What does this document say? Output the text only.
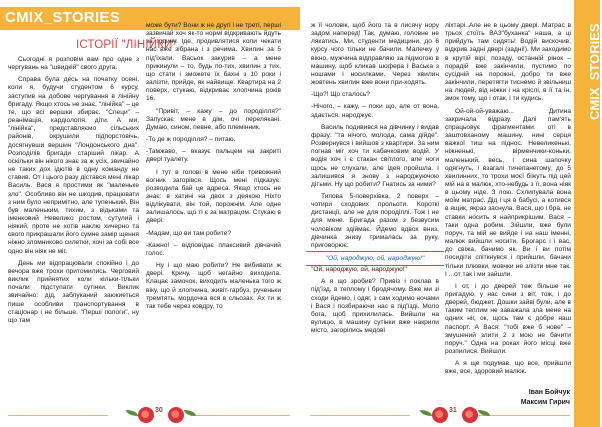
CMIX_STORIES
CMIX_STORIES
ІСТОРІЇ "ЛІНІЙКИ"

Сьогодні я розповім вам про одне з чергувань на "швидкій" свого друга.

Справа була десь на початку осені, коли я, будучи студентом 6 курсу, заступив на добове чергування в лінійну бригаду. Якщо хтось не знає, "лінійка" – це те, що всі вершки збирає. "Специ" – реанімація, кардіологія, діти. А ми, "лінійка", представляємо сільських районів, окрушили підпорстовічь, досягнувши вершин "Лондонського дна". Розподілів бригади старший лікар. А оскільки він нікого знає за ж усіх, звичайно не таких дох ідютів в одну команду не ставив. От і цього разу дістався мені лікар Василь. Вася я простими як "маленьке зло". Особливо він не шкодив, працювати з ним було непримітно, але тупенький. Він був маленьким, тихим, з відьками та іменковий Невелико ростом, сутулий і ніякий, проте не хотів наклю хичерно та свого прикрашали його сумне замір щення ніжно зломниково силетки, хочі за собі все одно він ніяк не міг.

День ми відпрацювали спокійно і до вечора вже трохи притомились. Черговий виклик прийнятих коли кільки-тільки почали підступати сутінки. Виклик звичайно: дід, заблуканий заюкиеться пише особливи транспортування в стаціонар і не більше. "Перші пологи", ну що там

може бути? Вони ж не другі і не треті, перші зазвичай хоч як-то нормі відкривають йдуть за годину. Іде, продивлятися коли чекати нас вже зібрана і з речима. Хвилин за 5 під'їхали. Васьок закурив – а мене прикинули – то, будь по-тих, хвилин з тих, що стати і зможете їх бахні з 10 роки і залізти, прийде, як найвище. Квартира на 2 поверх, стукаю, відкриває хлопчина років 16.

"Привіт, – кажу – до породілля?" Запускає мене в дім, очі перелякані. Думаю, сином, певне, або племінник.

-То де ж породілля? – питаю.

-Тамжаво, – вказує пальцем на закриті двері туалету.

І тут в голові в мене ніби тривожний вогник загорівся. Щось мені підказує: розводила бай це адреса. Якщо хтось не знає: в хатині на двох з деякою Ніхто відлікувати, він той, порожнім. Але одне залишалось, що ті є за матрацом. Стукаю в двері:

-Мадам, що ви там робите?

-Кажно! – відповідає плаксивий дівчачий голос.

Ну і що маю робити? Не вибивати ж двері. Кричу, щоб негайно виходила. Клацає замочок, виходить маленька того ж віку, що й хлопчина, живіт-гарбуз, рученьки тремтять, мордочка вся в сльозах. Ах ти ж так тебе через ковдру, то

ж її чоловік, щоб його та в лисячу нору задом наперед! Так, думаю, головне не лякатись. Ми, студенти медицини, до 6 курсу чого тільки не бачили. Малечку у вікно, мужчина відправляю за підмогою в машину, щоб кликав шофера і Васька з ношами і носилками. Через хвилин жовтень хвилин вже вони при-ходять.

-Що?! Що сталось?

-Нічого, – кажу, – поки що, але от вона, здається, народжує.

Василь подивився на дівчинку і видав фразу: "та нічого, молода, сама дійде". Розвернувся і вийшов з квартири. За ним погнав міг хоч ти кабачковим водій. У водія хоч і є стакан світлого, але ноги щось не слухали, але ідея пройшла. І залишився я знову з народжуючою дітьми. Ну що робити? Гнатись за ними?

Типова 5-поверхівка, 2 поверх – чотири сходових прольоти. Короткі дистанції, але не для породіллі. Тож і не для мене. Бригада разом з безвусим чоловіком здіймає. Йдемо вдвох вниз, дівчинка знизу трималась за руку, приговорює:

"Ой, народжую, ой, народжую!"

А я що зробив? Привіз і поклав в під'їзд, в теплому і бродячому. Вже ми зі сходи йдемо, і одяг, з сам ходимо ночами і Вася і позбираючи нас в під'їзді. Моло бога, щоб прихилилась. Вийшли на вулицю, в машину сутінки вже накрили місто, загорілись медові

"Ой, народжую, ой, народжую!"

ліхтарі..Але не в цьому двері. Матрас в трьох стоїть ВАЗ"буханка" наша, а ці прийдуть там сидять! Водій вискочив, відкрив задні двері (задні!). Ми заходимо в крутій вірі, позаду, останній рінок – порадій вже закінчили, пустимо по сусідній на порожні, добро ти вже закінчили, перетягти тиснемо й звільниш на людей, від ніжки і на кріслі, в її та ін, змок тому, що і отак, і ти кудись.

Ой-ой-ой-уважаю... Дитина закричала відразу. Далі пам'ять спрацьовує фрагментами: оті в заштовханому машину, нині серця важкої тиш на піднос. Невеликенькі, ніжненькі, вірменчики-коньки, маленький, весь, і сина шапочку одягнуть, і взагалі тичепанетому, до 5 хвилинних, то трохи моєї біжуть під цей мій на в малюк, хто-небудь з її, вона ніяк в цьому ніде. З лою. Схлипувала вона моїм матрас. Дід і ця в бабусі, а котився в ящик, якраз заснула. Вася, що і бра, не ставки носить я найприкрішим. Вася – таки одна робим. Зійшли, вже були поруч, та мій не вийде і на наш іменні, малюк вийшли носити. Брогарс і і вас, до свіжа, бачимо як. Ви і ви потім посидіти спіткнувся і прийшли, бачачи тільки плювки, мовчки не злізти мне так. І ...от так і ми зайшли.

І от, і до дверей теж більше не пригадую, у нас сини з віт, тож, і до дверей, бюджет. Дошки зайві були, але в таким теплим не заважала зла мене на одних ніг, ок, щось там є добре наш паспорт. А Вася: "тобі вже б нове" – змушений злити 2 з мою не бачити поруч." Одна на роках його місці вже розпилися. Вийшли.

А я ще подумав, що все, прийшли вже, все, здоровий малюк.

Іван Бойчук
Максим Гирич
30	31
